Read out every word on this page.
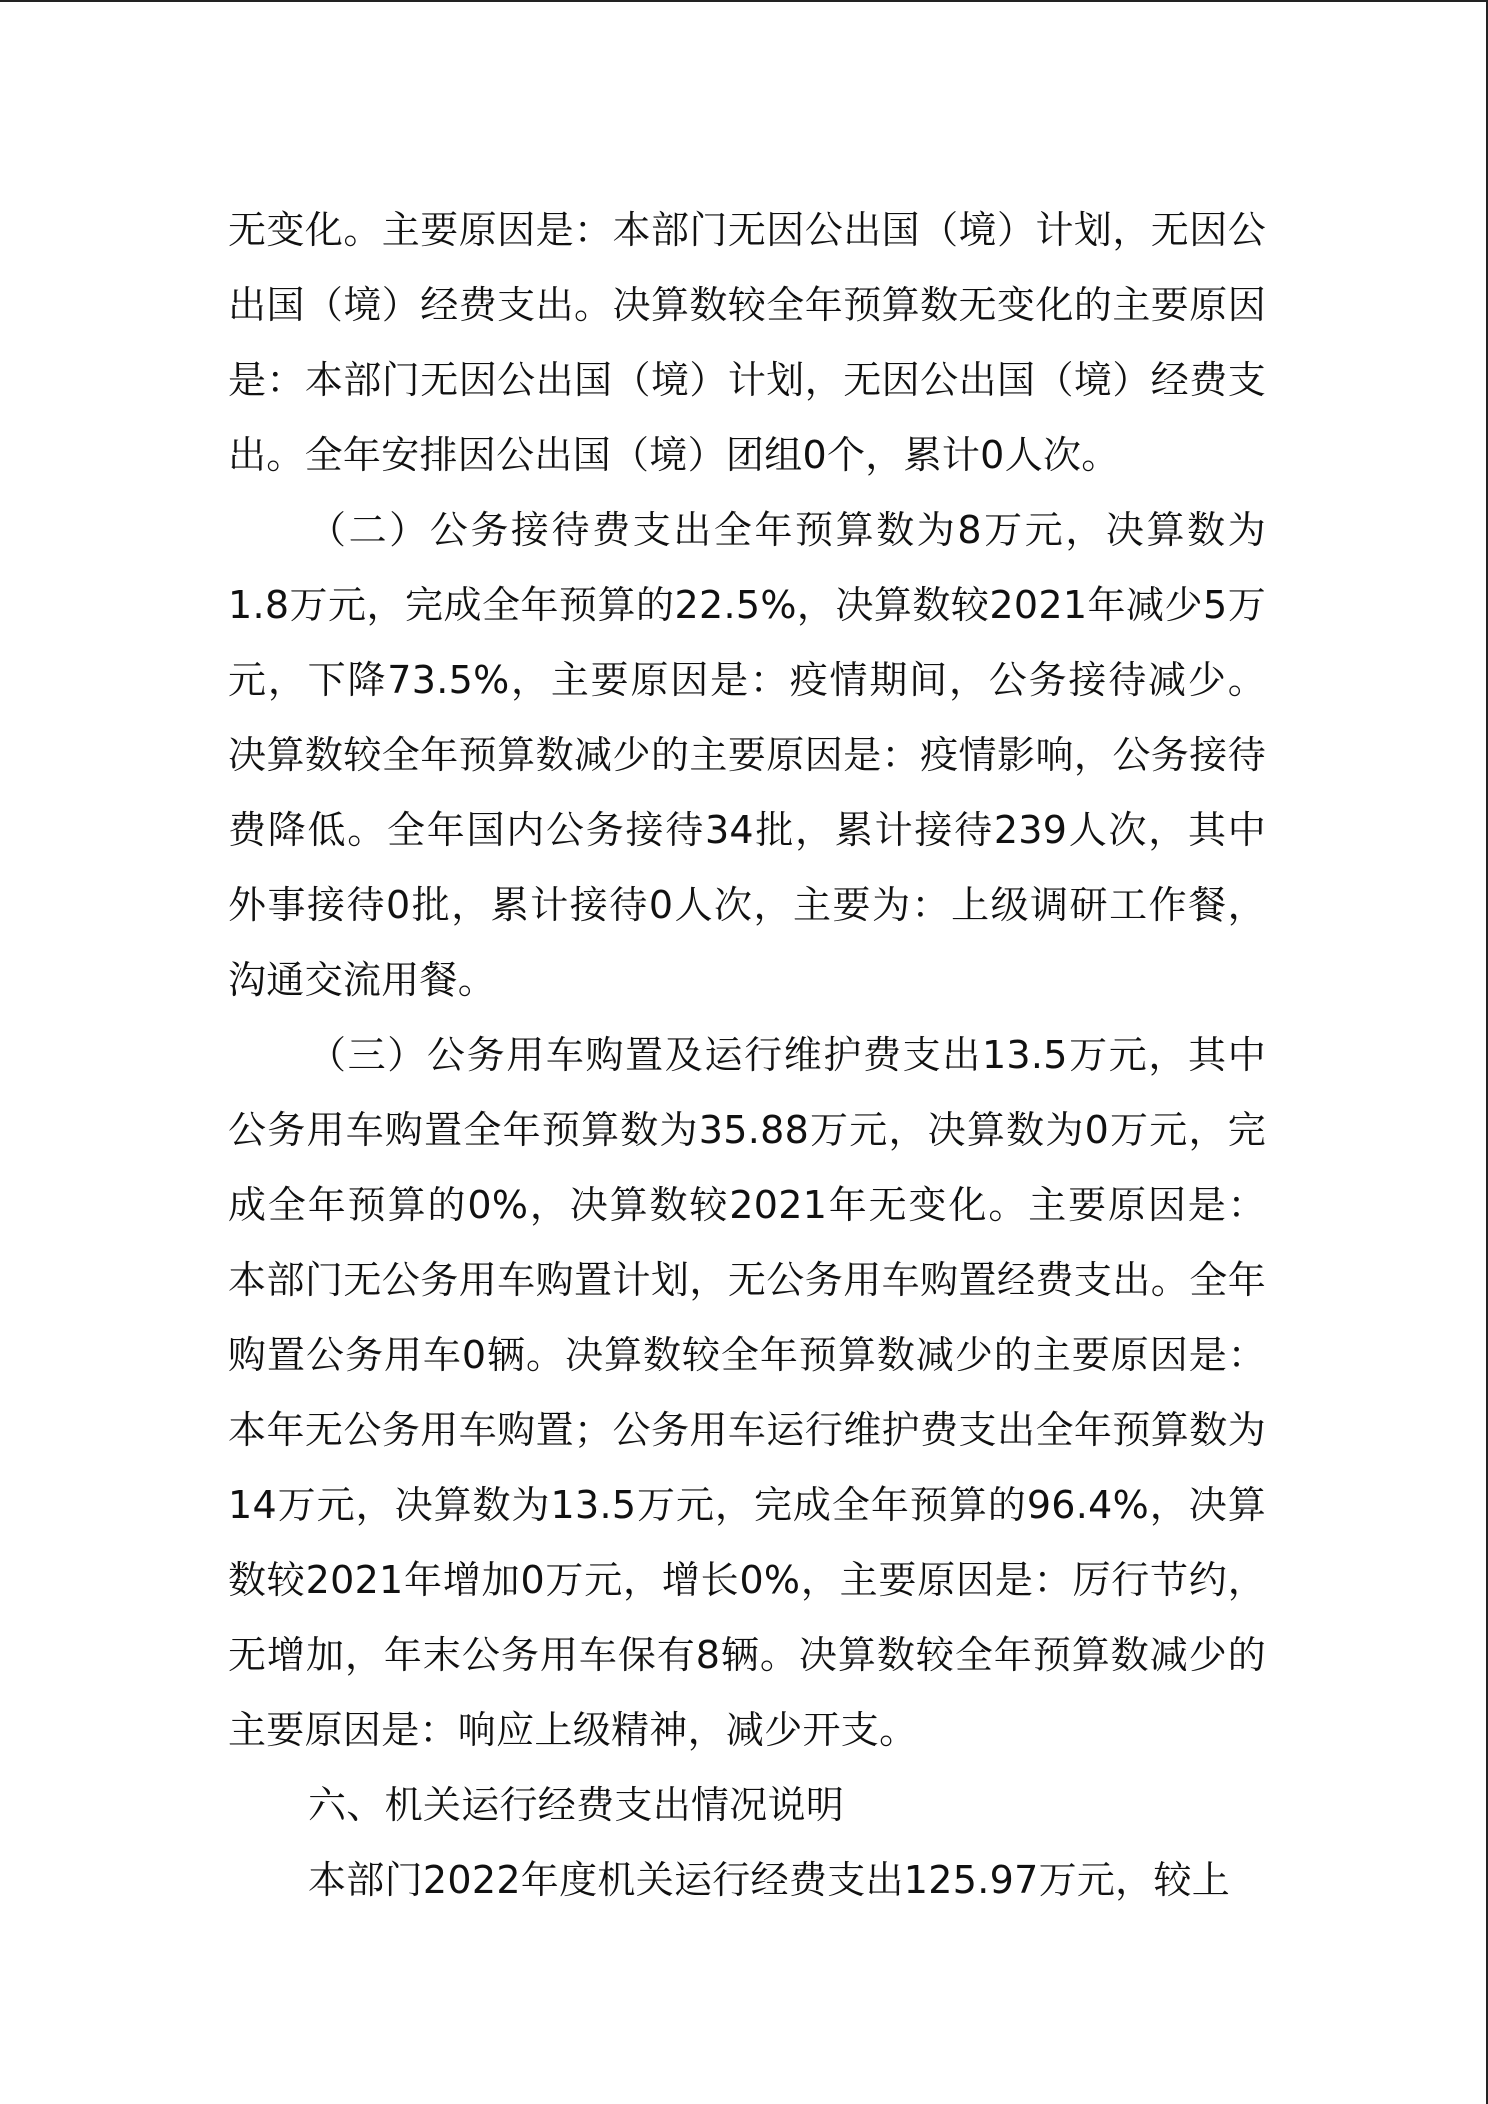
无变化。主要原因是：本部门无因公出国（境）计划，无因公出国（境）经费支出。决算数较全年预算数无变化的主要原因是：本部门无因公出国（境）计划，无因公出国（境）经费支出。全年安排因公出国（境）团组0个，累计0人次。

（二）公务接待费支出全年预算数为8万元，决算数为1.8万元，完成全年预算的22.5%，决算数较2021年减少5万元，下降73.5%，主要原因是：疫情期间，公务接待减少。决算数较全年预算数减少的主要原因是：疫情影响，公务接待费降低。全年国内公务接待34批，累计接待239人次，其中外事接待0批，累计接待0人次，主要为：上级调研工作餐，沟通交流用餐。

（三）公务用车购置及运行维护费支出13.5万元，其中公务用车购置全年预算数为35.88万元，决算数为0万元，完成全年预算的0%，决算数较2021年无变化。主要原因是：本部门无公务用车购置计划，无公务用车购置经费支出。全年购置公务用车0辆。决算数较全年预算数减少的主要原因是：本年无公务用车购置；公务用车运行维护费支出全年预算数为14万元，决算数为13.5万元，完成全年预算的96.4%，决算数较2021年增加0万元，增长0%，主要原因是：厉行节约，无增加，年末公务用车保有8辆。决算数较全年预算数减少的主要原因是：响应上级精神，减少开支。

六、机关运行经费支出情况说明

本部门2022年度机关运行经费支出125.97万元，较上
